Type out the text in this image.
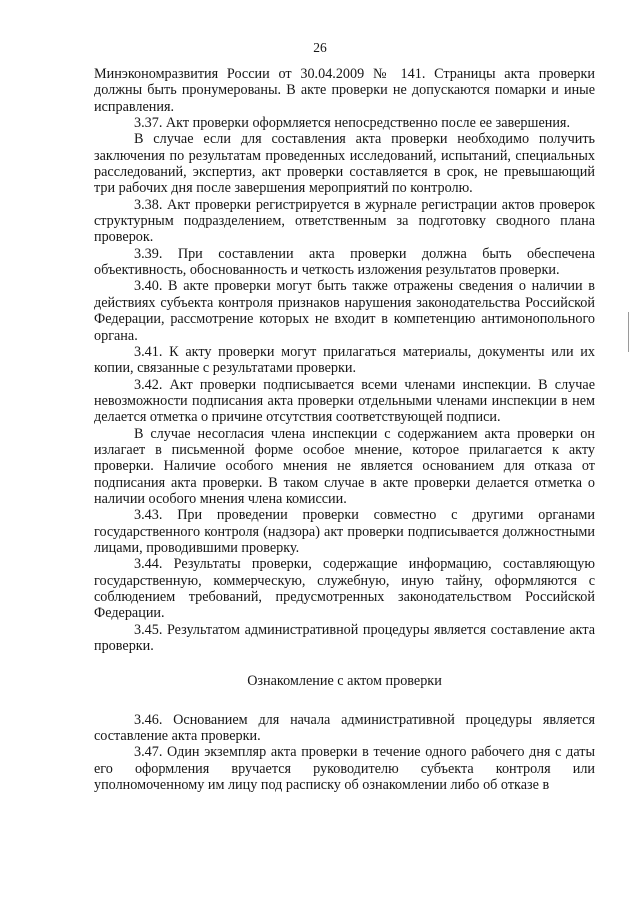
26

Минэкономразвития России от 30.04.2009 № 141. Страницы акта проверки должны быть пронумерованы. В акте проверки не допускаются помарки и иные исправления.

3.37. Акт проверки оформляется непосредственно после ее завершения.

В случае если для составления акта проверки необходимо получить заключения по результатам проведенных исследований, испытаний, специальных расследований, экспертиз, акт проверки составляется в срок, не превышающий три рабочих дня после завершения мероприятий по контролю.

3.38. Акт проверки регистрируется в журнале регистрации актов проверок структурным подразделением, ответственным за подготовку сводного плана проверок.

3.39. При составлении акта проверки должна быть обеспечена объективность, обоснованность и четкость изложения результатов проверки.

3.40. В акте проверки могут быть также отражены сведения о наличии в действиях субъекта контроля признаков нарушения законодательства Российской Федерации, рассмотрение которых не входит в компетенцию антимонопольного органа.

3.41. К акту проверки могут прилагаться материалы, документы или их копии, связанные с результатами проверки.

3.42. Акт проверки подписывается всеми членами инспекции. В случае невозможности подписания акта проверки отдельными членами инспекции в нем делается отметка о причине отсутствия соответствующей подписи.

В случае несогласия члена инспекции с содержанием акта проверки он излагает в письменной форме особое мнение, которое прилагается к акту проверки. Наличие особого мнения не является основанием для отказа от подписания акта проверки. В таком случае в акте проверки делается отметка о наличии особого мнения члена комиссии.

3.43. При проведении проверки совместно с другими органами государственного контроля (надзора) акт проверки подписывается должностными лицами, проводившими проверку.

3.44. Результаты проверки, содержащие информацию, составляющую государственную, коммерческую, служебную, иную тайну, оформляются с соблюдением требований, предусмотренных законодательством Российской Федерации.

3.45. Результатом административной процедуры является составление акта проверки.

Ознакомление с актом проверки

3.46. Основанием для начала административной процедуры является составление акта проверки.

3.47. Один экземпляр акта проверки в течение одного рабочего дня с даты его оформления вручается руководителю субъекта контроля или уполномоченному им лицу под расписку об ознакомлении либо об отказе в
